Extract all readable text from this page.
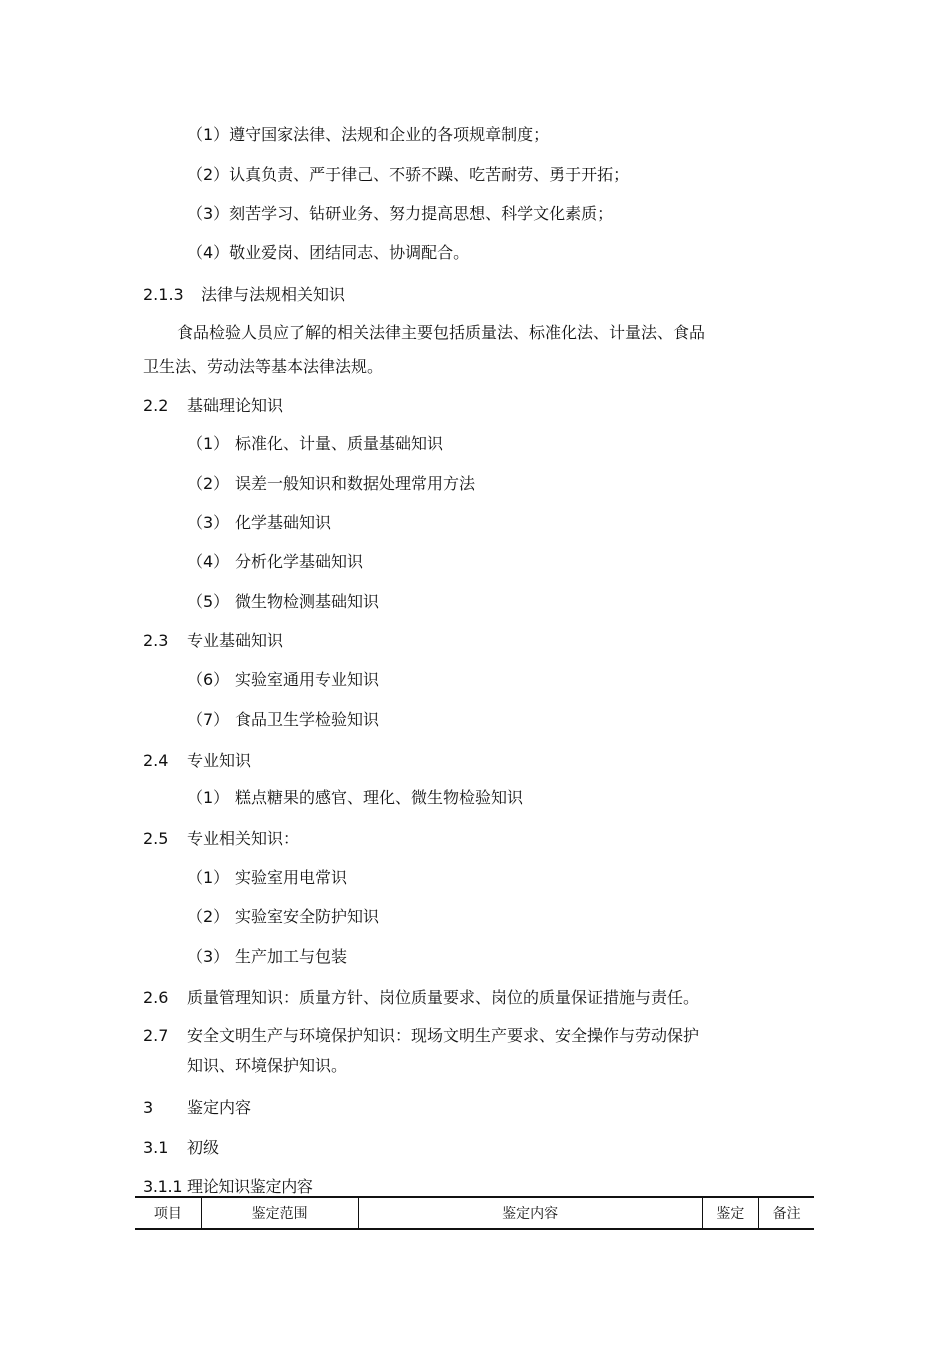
（1）遵守国家法律、法规和企业的各项规章制度；
（2）认真负责、严于律己、不骄不躁、吃苦耐劳、勇于开拓；
（3）刻苦学习、钻研业务、努力提高思想、科学文化素质；
（4）敬业爱岗、团结同志、协调配合。
2.1.3 法律与法规相关知识
食品检验人员应了解的相关法律主要包括质量法、标准化法、计量法、食品
卫生法、劳动法等基本法律法规。
2.2 基础理论知识
（1） 标准化、计量、质量基础知识
（2） 误差一般知识和数据处理常用方法
（3） 化学基础知识
（4） 分析化学基础知识
（5） 微生物检测基础知识
2.3 专业基础知识
（6） 实验室通用专业知识
（7） 食品卫生学检验知识
2.4 专业知识
（1） 糕点糖果的感官、理化、微生物检验知识
2.5 专业相关知识：
（1） 实验室用电常识
（2） 实验室安全防护知识
（3） 生产加工与包装
2.6 质量管理知识：质量方针、岗位质量要求、岗位的质量保证措施与责任。
2.7 安全文明生产与环境保护知识：现场文明生产要求、安全操作与劳动保护
知识、环境保护知识。
3 鉴定内容
3.1 初级
3.1.1 理论知识鉴定内容
项目	鉴定范围	鉴定内容	鉴定	备注
